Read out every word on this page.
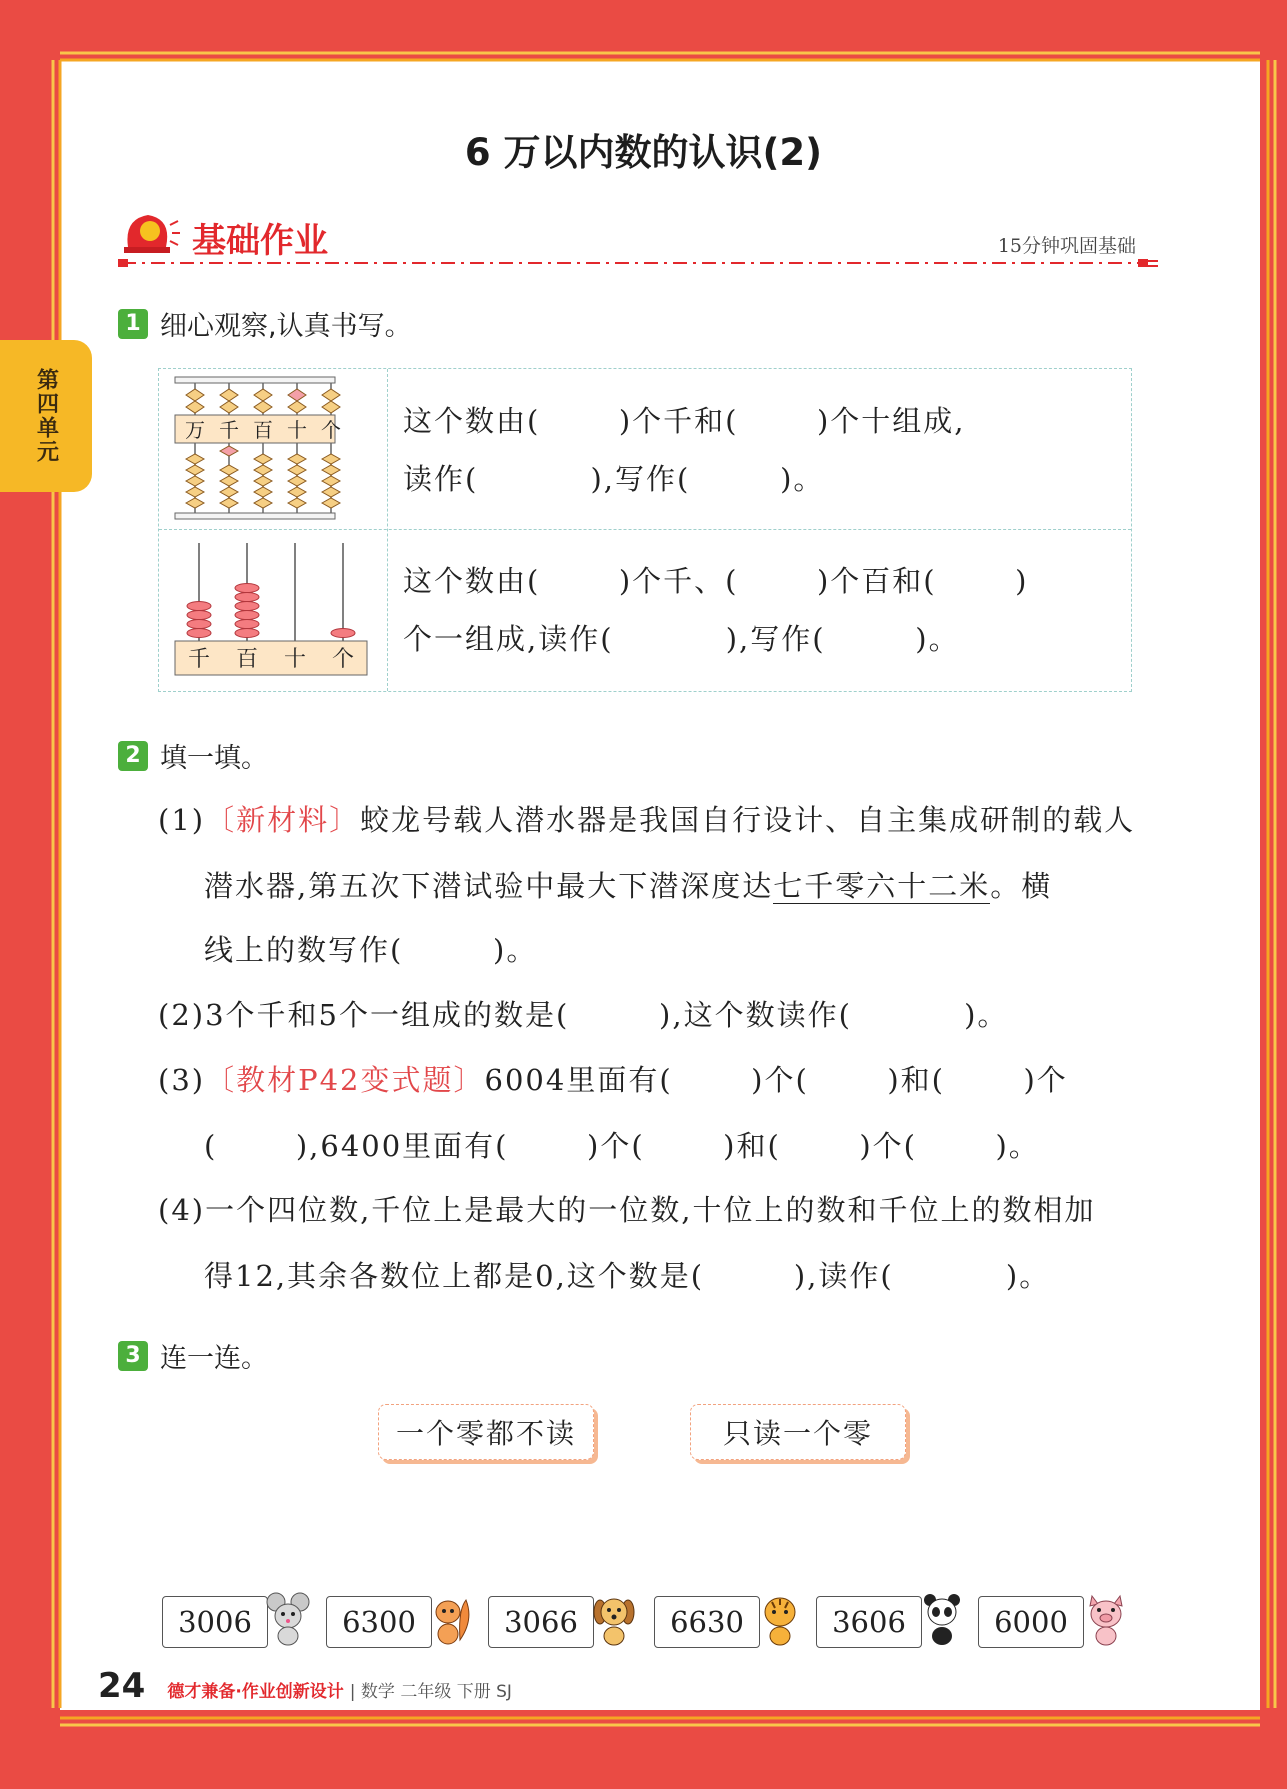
第四单元
6 万以内数的认识(2)
基础作业	15分钟巩固基础
1 细心观察,认真书写。
万 千 百 十 个 这个数由(       )个千和(       )个十组成,
读作(          ),写作(        )。
千 百 十 个
这个数由(       )个千、(       )个百和(       )
个一组成,读作(          ),写作(        )。
2 填一填。
(1)〔新材料〕蛟龙号载人潜水器是我国自行设计、自主集成研制的载人
潜水器,第五次下潜试验中最大下潜深度达七千零六十二米。横
线上的数写作(        )。
(2)3个千和5个一组成的数是(        ),这个数读作(          )。
(3)〔教材P42变式题〕6004里面有(       )个(       )和(       )个
(       ),6400里面有(       )个(       )和(       )个(       )。
(4)一个四位数,千位上是最大的一位数,十位上的数和千位上的数相加
得12,其余各数位上都是0,这个数是(        ),读作(          )。
3 连一连。
一个零都不读	只读一个零
3006	6300	3066	6630	3606	6000
24 德才兼备·作业创新设计 | 数学 二年级 下册 SJ
